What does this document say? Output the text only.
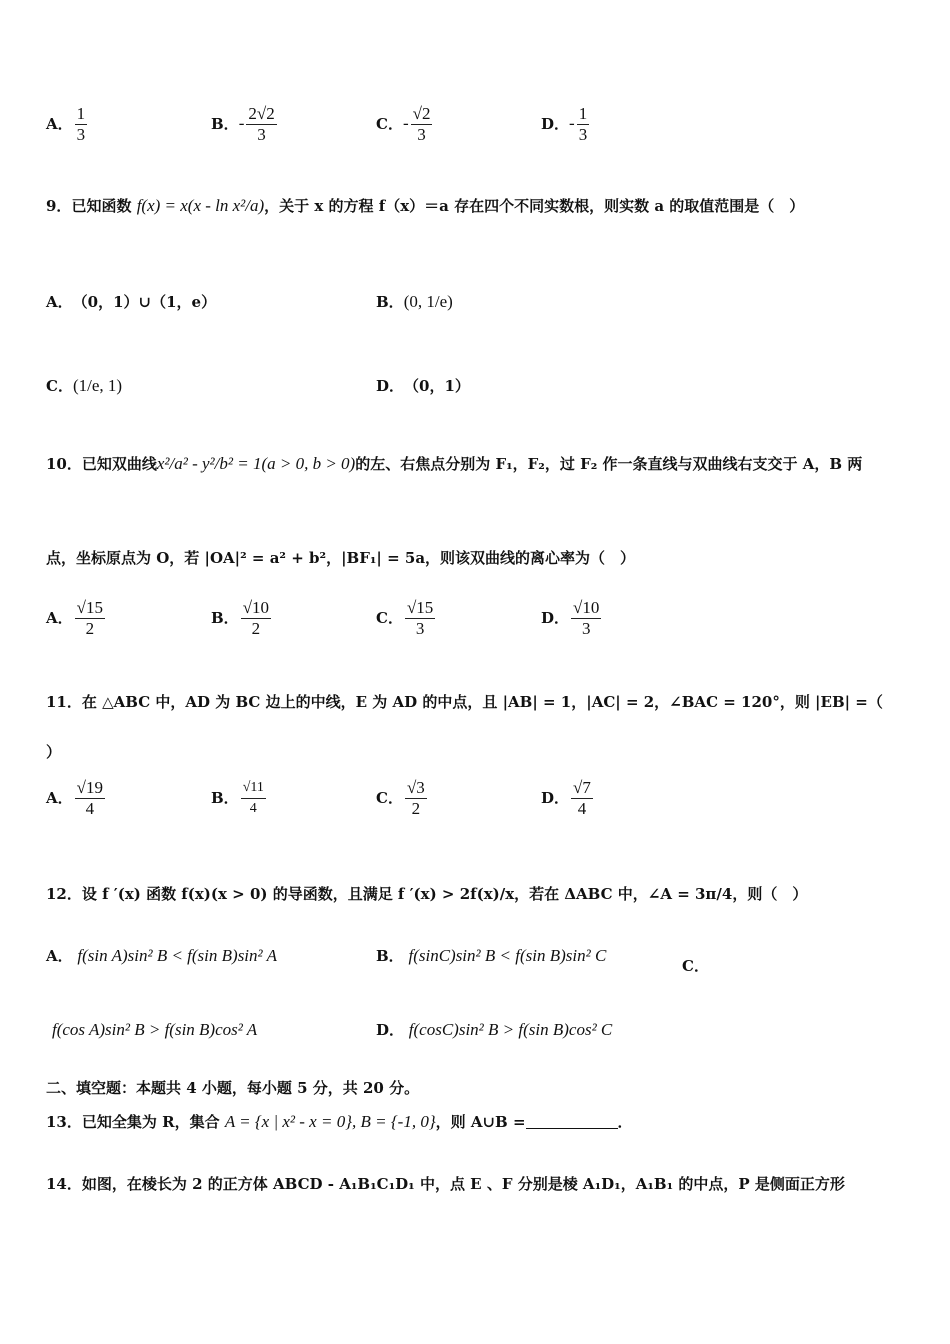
A． $\frac{1}{3}$	B．- $\frac{2√2}{3}$	C．- $\frac{√2}{3}$	D．- $\frac{1}{3}$
9．已知函数 f(x) = x(x - ln x²/a)，关于 x 的方程 f（x）＝a 存在四个不同实数根，则实数 a 的取值范围是（　）
A．（0，1）∪（1，e）	B．(0, 1/e)
C．(1/e, 1)	D．（0，1）
10．已知双曲线x²/a² - y²/b² = 1(a > 0, b > 0)的左、右焦点分别为 F₁，F₂，过 F₂ 作一条直线与双曲线右支交于 A，B 两
点，坐标原点为 O，若 |OA|² = a² + b²，|BF₁| = 5a，则该双曲线的离心率为（　）
A． $\frac{√15}{2}$	B． $\frac{√10}{2}$	C． $\frac{√15}{3}$	D． $\frac{√10}{3}$
11．在 △ABC 中，AD 为 BC 边上的中线，E 为 AD 的中点，且 |AB| = 1，|AC| = 2，∠BAC = 120°，则 |EB| =（
）
A． $\frac{√19}{4}$	B． $\frac{√11}{4}$	C． $\frac{√3}{2}$	D． $\frac{√7}{4}$
12．设 f ′(x) 函数 f(x)(x > 0) 的导函数，且满足 f ′(x) > 2f(x)/x，若在 ΔABC 中，∠A = 3π/4，则（　）
A． f(sin A)sin² B < f(sin B)sin² A	B． f(sinC)sin² B < f(sin B)sin² C
C．
f(cos A)sin² B > f(sin B)cos² A	D． f(cosC)sin² B > f(sin B)cos² C
二、填空题：本题共 4 小题，每小题 5 分，共 20 分。
13．已知全集为 R，集合 A = {x | x² - x = 0}, B = {-1, 0}，则 A∪B =	．
14．如图，在棱长为 2 的正方体 ABCD - A₁B₁C₁D₁ 中，点 E 、F 分别是棱 A₁D₁，A₁B₁ 的中点，P 是侧面正方形
